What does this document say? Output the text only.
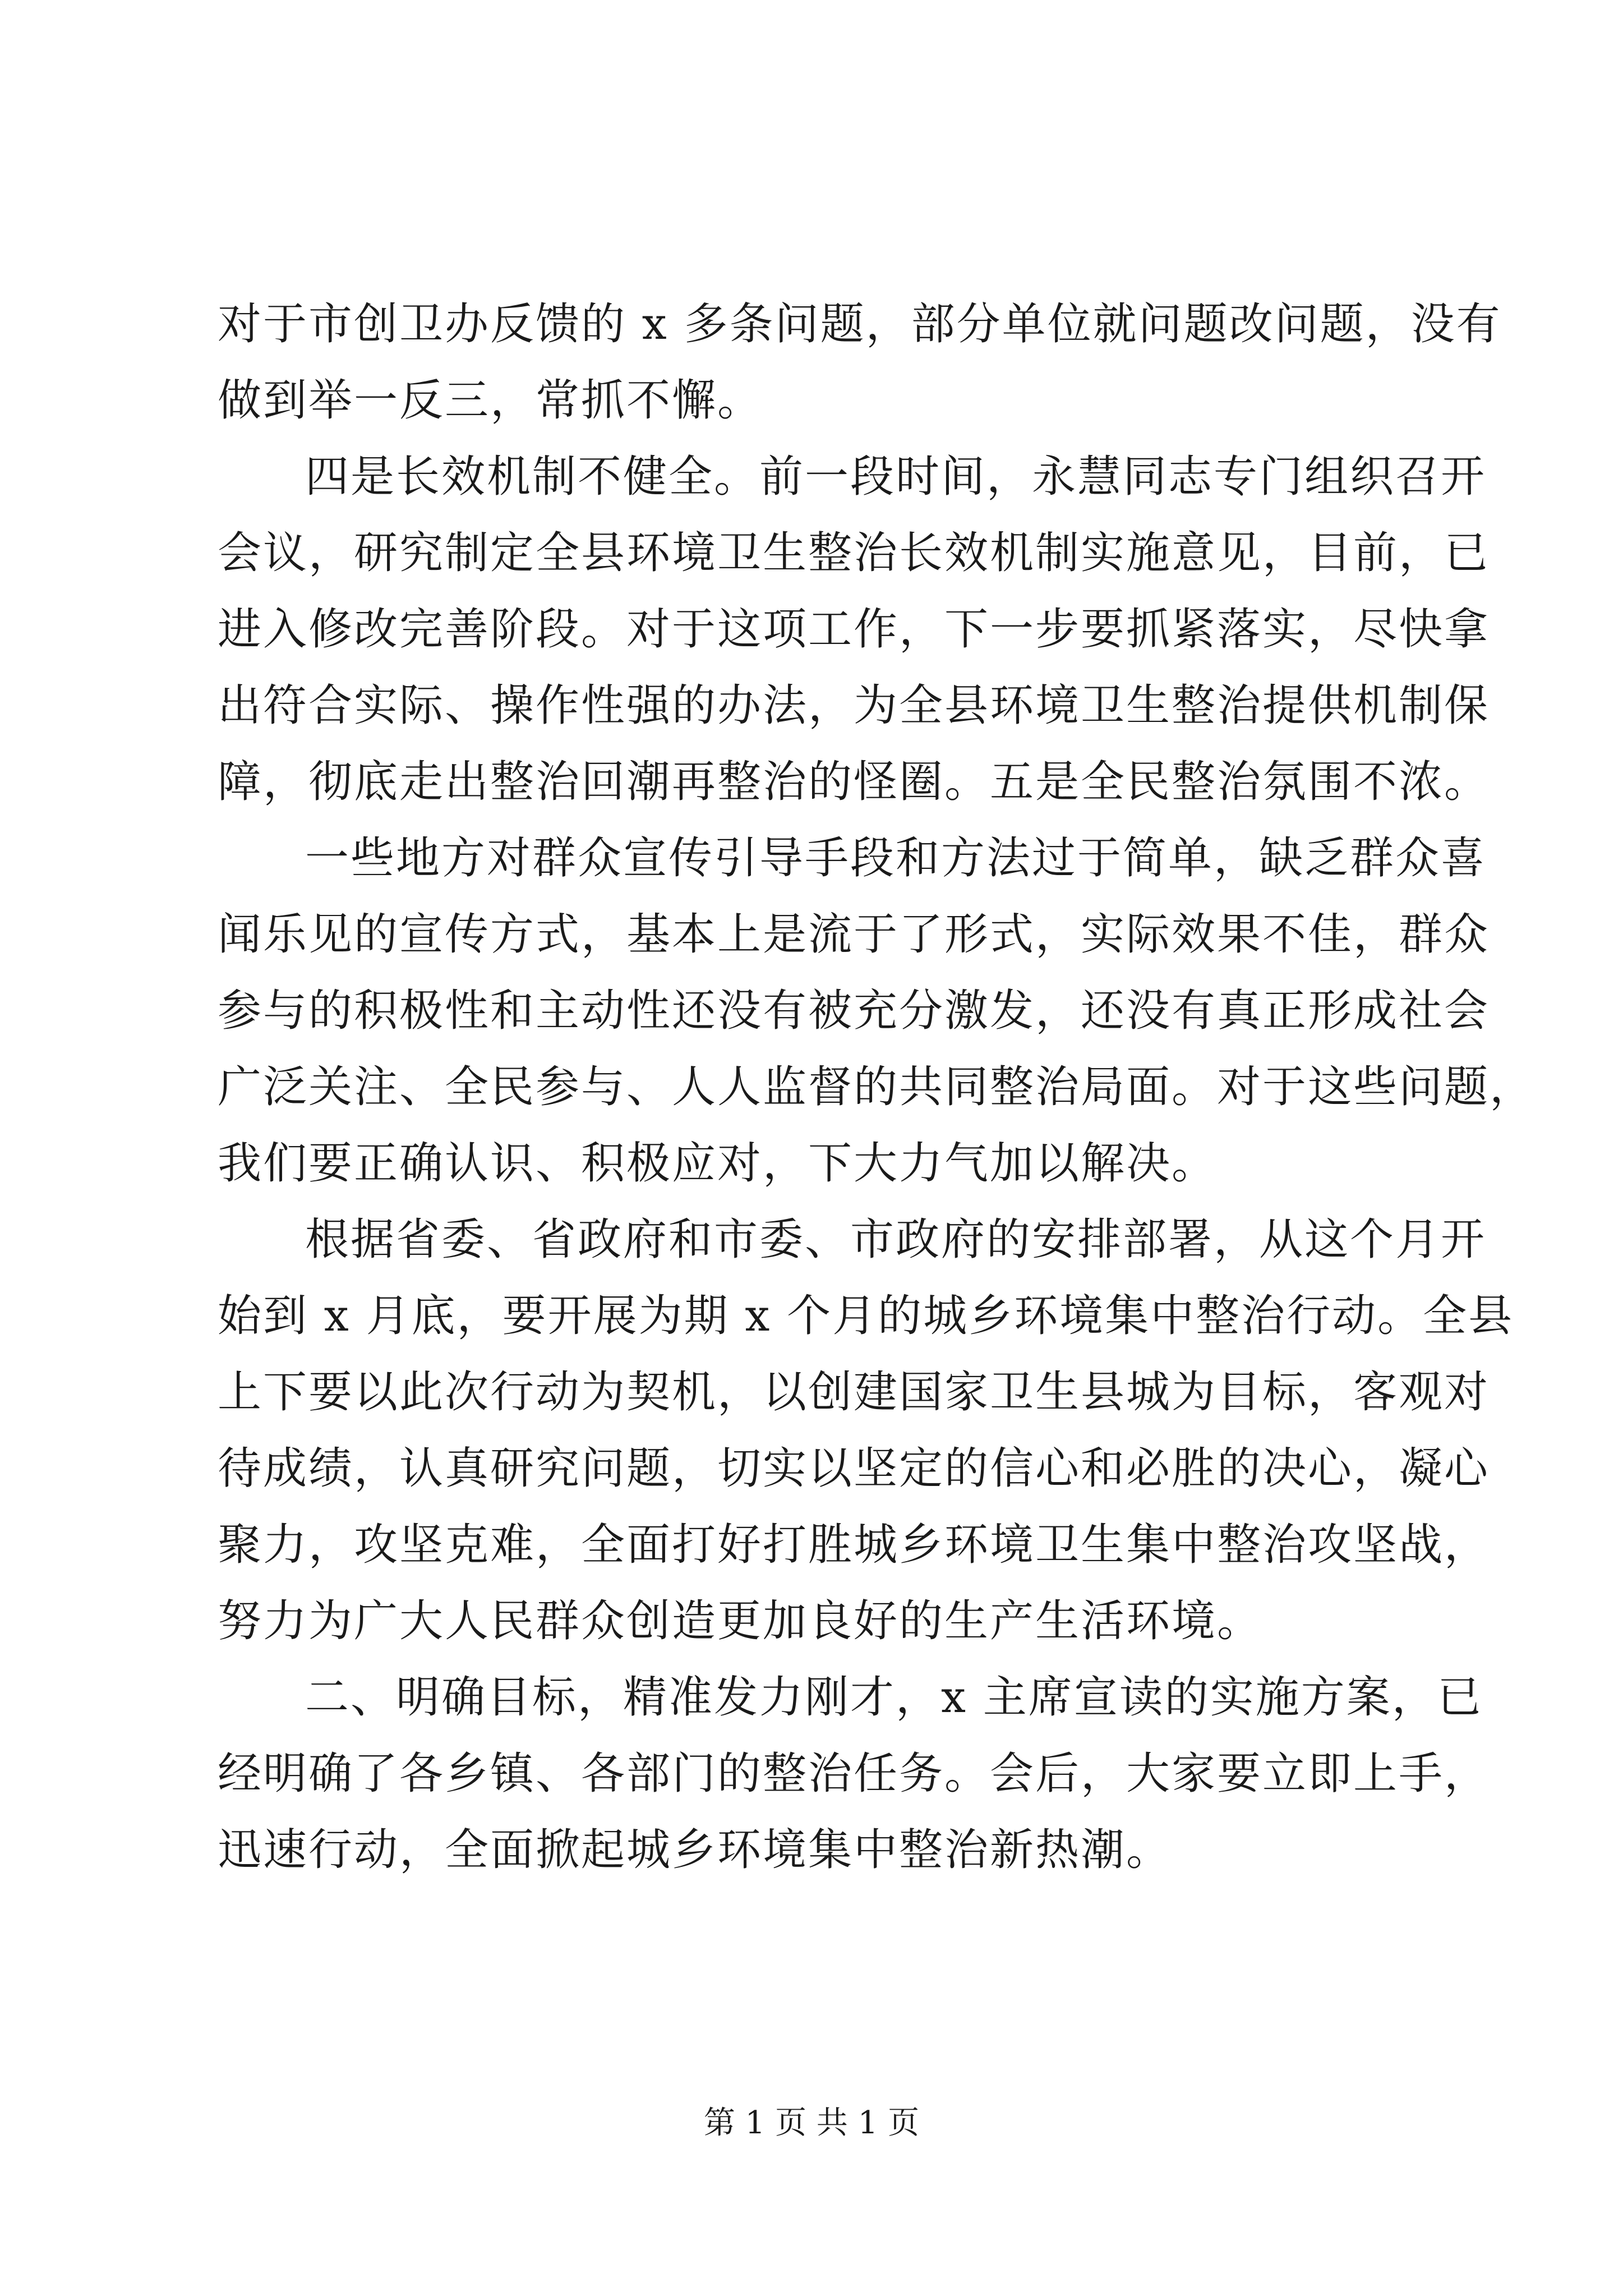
对于市创卫办反馈的 x 多条问题，部分单位就问题改问题，没有
做到举一反三，常抓不懈。
四是长效机制不健全。前一段时间，永慧同志专门组织召开
会议，研究制定全县环境卫生整治长效机制实施意见，目前，已
进入修改完善阶段。对于这项工作，下一步要抓紧落实，尽快拿
出符合实际、操作性强的办法，为全县环境卫生整治提供机制保
障，彻底走出整治回潮再整治的怪圈。五是全民整治氛围不浓。
一些地方对群众宣传引导手段和方法过于简单，缺乏群众喜
闻乐见的宣传方式，基本上是流于了形式，实际效果不佳，群众
参与的积极性和主动性还没有被充分激发，还没有真正形成社会
广泛关注、全民参与、人人监督的共同整治局面。对于这些问题，
我们要正确认识、积极应对，下大力气加以解决。
根据省委、省政府和市委、市政府的安排部署，从这个月开
始到 x 月底，要开展为期 x 个月的城乡环境集中整治行动。全县
上下要以此次行动为契机，以创建国家卫生县城为目标，客观对
待成绩，认真研究问题，切实以坚定的信心和必胜的决心，凝心
聚力，攻坚克难，全面打好打胜城乡环境卫生集中整治攻坚战，
努力为广大人民群众创造更加良好的生产生活环境。
二、明确目标，精准发力刚才，x 主席宣读的实施方案，已
经明确了各乡镇、各部门的整治任务。会后，大家要立即上手，
迅速行动，全面掀起城乡环境集中整治新热潮。
第 1 页 共 1 页
